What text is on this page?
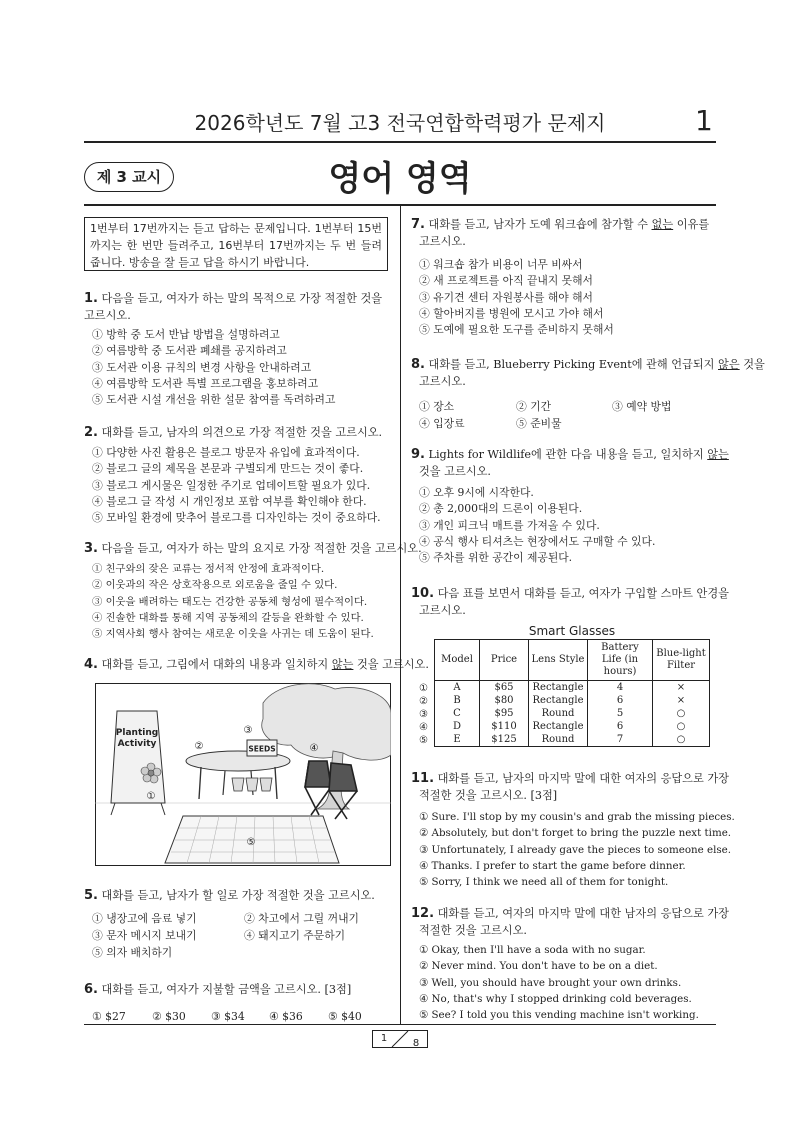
2026학년도 7월 고3 전국연합학력평가 문제지	1
제 3 교시	영어 영역
1번부터 17번까지는 듣고 답하는 문제입니다. 1번부터 15번까지는 한 번만 들려주고, 16번부터 17번까지는 두 번 들려줍니다. 방송을 잘 듣고 답을 하시기 바랍니다.
1. 다음을 듣고, 여자가 하는 말의 목적으로 가장 적절한 것을 고르시오.
① 방학 중 도서 반납 방법을 설명하려고
② 여름방학 중 도서관 폐쇄를 공지하려고
③ 도서관 이용 규칙의 변경 사항을 안내하려고
④ 여름방학 도서관 특별 프로그램을 홍보하려고
⑤ 도서관 시설 개선을 위한 설문 참여를 독려하려고
2. 대화를 듣고, 남자의 의견으로 가장 적절한 것을 고르시오.
① 다양한 사진 활용은 블로그 방문자 유입에 효과적이다.
② 블로그 글의 제목을 본문과 구별되게 만드는 것이 좋다.
③ 블로그 게시물은 일정한 주기로 업데이트할 필요가 있다.
④ 블로그 글 작성 시 개인정보 포함 여부를 확인해야 한다.
⑤ 모바일 환경에 맞추어 블로그를 디자인하는 것이 중요하다.
3. 다음을 듣고, 여자가 하는 말의 요지로 가장 적절한 것을 고르시오.
① 친구와의 잦은 교류는 정서적 안정에 효과적이다.
② 이웃과의 작은 상호작용으로 외로움을 줄일 수 있다.
③ 이웃을 배려하는 태도는 건강한 공동체 형성에 필수적이다.
④ 진솔한 대화를 통해 지역 공동체의 갈등을 완화할 수 있다.
⑤ 지역사회 행사 참여는 새로운 이웃을 사귀는 데 도움이 된다.
4. 대화를 듣고, 그림에서 대화의 내용과 일치하지 않는 것을 고르시오.
Planting
Activity	SEEDS
①
②
③
④
⑤
5. 대화를 듣고, 남자가 할 일로 가장 적절한 것을 고르시오.
① 냉장고에 음료 넣기	② 차고에서 그릴 꺼내기
③ 문자 메시지 보내기	④ 돼지고기 주문하기
⑤ 의자 배치하기
6. 대화를 듣고, 여자가 지불할 금액을 고르시오. [3점]
① $27 ② $30 ③ $34 ④ $36 ⑤ $40
7. 대화를 듣고, 남자가 도예 워크숍에 참가할 수 없는 이유를
고르시오.
① 워크숍 참가 비용이 너무 비싸서
② 새 프로젝트를 아직 끝내지 못해서
③ 유기견 센터 자원봉사를 해야 해서
④ 할아버지를 병원에 모시고 가야 해서
⑤ 도예에 필요한 도구를 준비하지 못해서
8. 대화를 듣고, Blueberry Picking Event에 관해 언급되지 않은 것을
고르시오.
① 장소	② 기간	③ 예약 방법
④ 입장료	⑤ 준비물
9. Lights for Wildlife에 관한 다음 내용을 듣고, 일치하지 않는
것을 고르시오.
① 오후 9시에 시작한다.
② 총 2,000대의 드론이 이용된다.
③ 개인 피크닉 매트를 가져올 수 있다.
④ 공식 행사 티셔츠는 현장에서도 구매할 수 있다.
⑤ 주차를 위한 공간이 제공된다.
10. 다음 표를 보면서 대화를 듣고, 여자가 구입할 스마트 안경을
고르시오.
Smart Glasses
①
②
③
④
⑤
Model	Price	Lens Style	Battery Life (in hours)	Blue-light Filter
A	$65	Rectangle	4	×
B	$80	Rectangle	6	×
C	$95	Round	5	○
D	$110	Rectangle	6	○
E	$125	Round	7	○
11. 대화를 듣고, 남자의 마지막 말에 대한 여자의 응답으로 가장
적절한 것을 고르시오. [3점]
① Sure. I'll stop by my cousin's and grab the missing pieces.
② Absolutely, but don't forget to bring the puzzle next time.
③ Unfortunately, I already gave the pieces to someone else.
④ Thanks. I prefer to start the game before dinner.
⑤ Sorry, I think we need all of them for tonight.
12. 대화를 듣고, 여자의 마지막 말에 대한 남자의 응답으로 가장
적절한 것을 고르시오.
① Okay, then I'll have a soda with no sugar.
② Never mind. You don't have to be on a diet.
③ Well, you should have brought your own drinks.
④ No, that's why I stopped drinking cold beverages.
⑤ See? I told you this vending machine isn't working.
1	8
